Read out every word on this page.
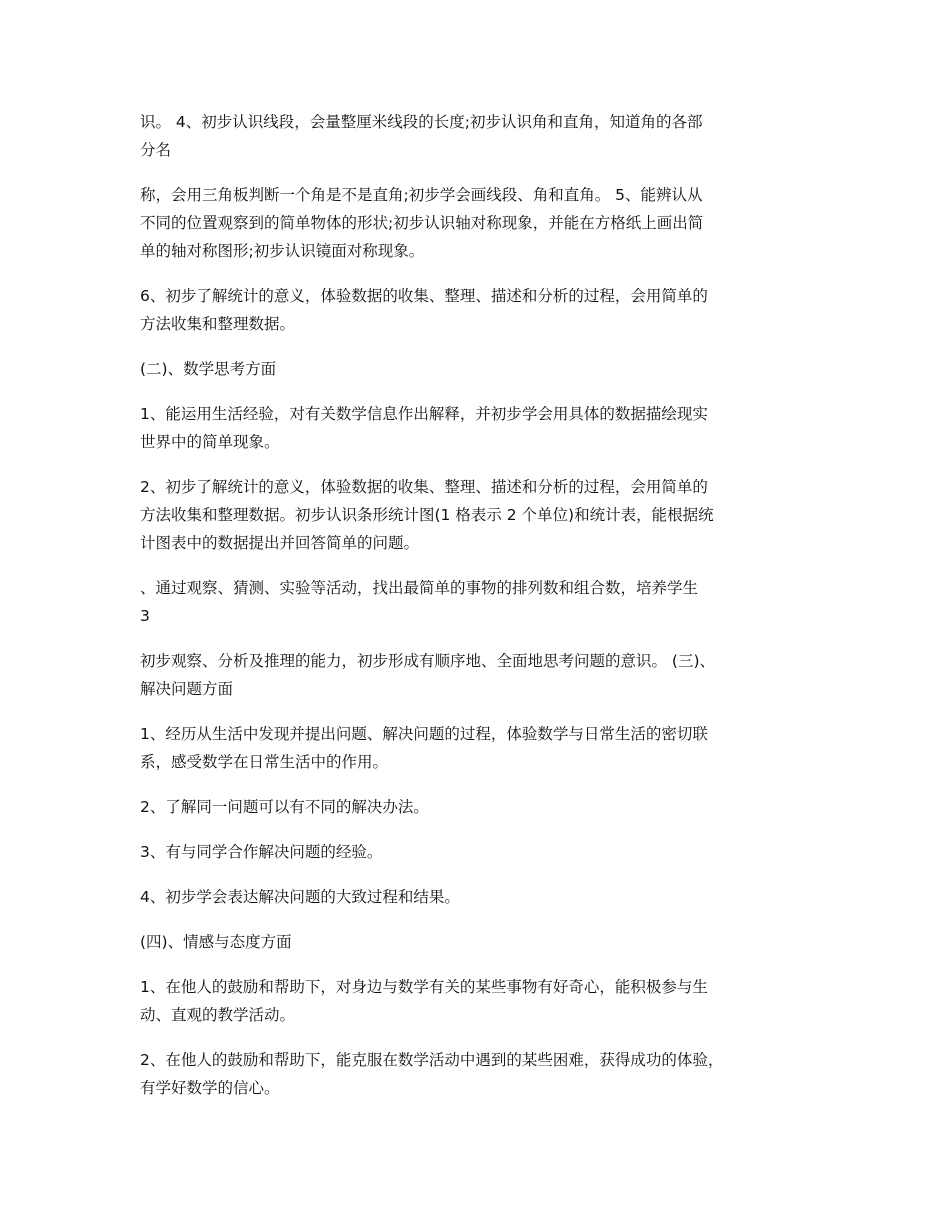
识。 4、初步认识线段，会量整厘米线段的长度;初步认识角和直角，知道角的各部
分名

称，会用三角板判断一个角是不是直角;初步学会画线段、角和直角。 5、能辨认从
不同的位置观察到的简单物体的形状;初步认识轴对称现象，并能在方格纸上画出简
单的轴对称图形;初步认识镜面对称现象。

6、初步了解统计的意义，体验数据的收集、整理、描述和分析的过程，会用简单的
方法收集和整理数据。

(二)、数学思考方面

1、能运用生活经验，对有关数学信息作出解释，并初步学会用具体的数据描绘现实
世界中的简单现象。

2、初步了解统计的意义，体验数据的收集、整理、描述和分析的过程，会用简单的
方法收集和整理数据。初步认识条形统计图(1 格表示 2 个单位)和统计表，能根据统
计图表中的数据提出并回答简单的问题。

、通过观察、猜测、实验等活动，找出最简单的事物的排列数和组合数，培养学生
3

初步观察、分析及推理的能力，初步形成有顺序地、全面地思考问题的意识。 (三)、
解决问题方面

1、经历从生活中发现并提出问题、解决问题的过程，体验数学与日常生活的密切联
系，感受数学在日常生活中的作用。

2、了解同一问题可以有不同的解决办法。

3、有与同学合作解决问题的经验。

4、初步学会表达解决问题的大致过程和结果。

(四)、情感与态度方面

1、在他人的鼓励和帮助下，对身边与数学有关的某些事物有好奇心，能积极参与生
动、直观的教学活动。

2、在他人的鼓励和帮助下，能克服在数学活动中遇到的某些困难，获得成功的体验，
有学好数学的信心。
